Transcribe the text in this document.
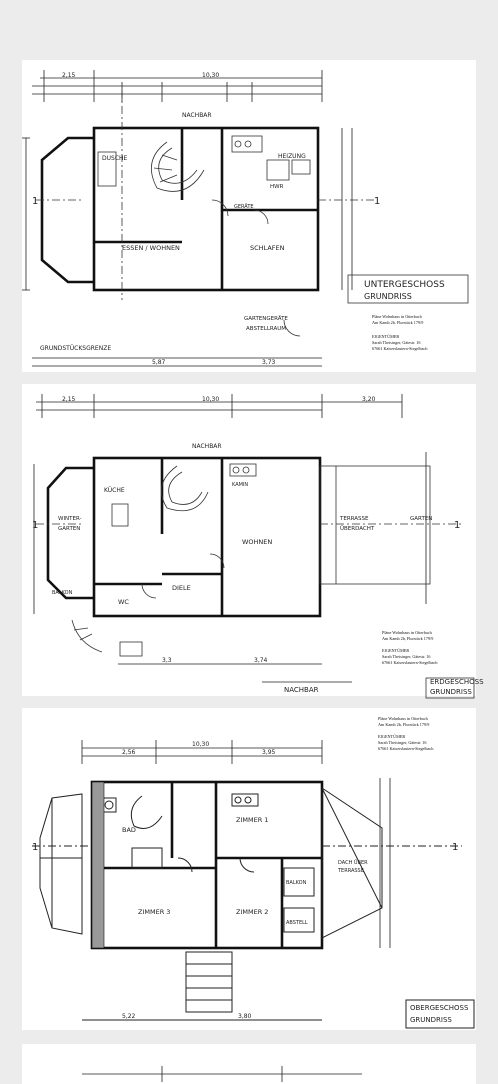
2,15	10,30
NACHBAR
DUSCHE	HEIZUNG
HWR
GERÄTE
ESSEN / WOHNEN	SCHLAFEN
GARTENGERÄTE
ABSTELLRAUM
GRUNDSTÜCKSGRENZE
1	1
UNTERGESCHOSS
GRUNDRISS
Pläne Wohnhaus in Otterbach
Am Kamb 2b, Flurstück 179/9
EIGENTÜMER
Sarah Theisinger, Gätestr. 16
67661 Kaiserslautern-Siegelbach
5,87	3,73
2,15	10,30	3,20
NACHBAR
KÜCHE
WINTER-
GARTEN
KAMIN
WOHNEN
DIELE
WC
BALKON
TERRASSE
ÜBERDACHT
GARTEN
1	1
Pläne Wohnhaus in Otterbach
Am Kamb 2b, Flurstück 179/9
EIGENTÜMER
Sarah Theisinger, Gätestr. 16
67661 Kaiserslautern-Siegelbach
ERDGESCHOSS
GRUNDRISS
3,3	3,74
NACHBAR
10,30
2,56	3,95
BAD
ZIMMER 1
ZIMMER 3	ZIMMER 2
BALKON
ABSTELL
DACH ÜBER
TERRASSE
1	1
Pläne Wohnhaus in Otterbach
Am Kamb 2b, Flurstück 179/9
EIGENTÜMER
Sarah Theisinger, Gätestr. 16
67661 Kaiserslautern-Siegelbach
OBERGESCHOSS
GRUNDRISS
5,22	3,80
